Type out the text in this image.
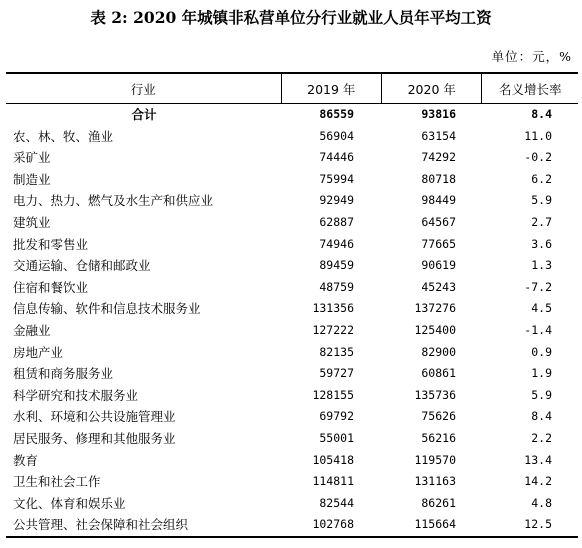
表 2: 2020 年城镇非私营单位分行业就业人员年平均工资
单位：元，%
行业	2019 年	2020 年	名义增长率
合计	86559	93816	8.4
农、林、牧、渔业	56904	63154	11.0
采矿业	74446	74292	-0.2
制造业	75994	80718	6.2
电力、热力、燃气及水生产和供应业	92949	98449	5.9
建筑业	62887	64567	2.7
批发和零售业	74946	77665	3.6
交通运输、仓储和邮政业	89459	90619	1.3
住宿和餐饮业	48759	45243	-7.2
信息传输、软件和信息技术服务业	131356	137276	4.5
金融业	127222	125400	-1.4
房地产业	82135	82900	0.9
租赁和商务服务业	59727	60861	1.9
科学研究和技术服务业	128155	135736	5.9
水利、环境和公共设施管理业	69792	75626	8.4
居民服务、修理和其他服务业	55001	56216	2.2
教育	105418	119570	13.4
卫生和社会工作	114811	131163	14.2
文化、体育和娱乐业	82544	86261	4.8
公共管理、社会保障和社会组织	102768	115664	12.5
